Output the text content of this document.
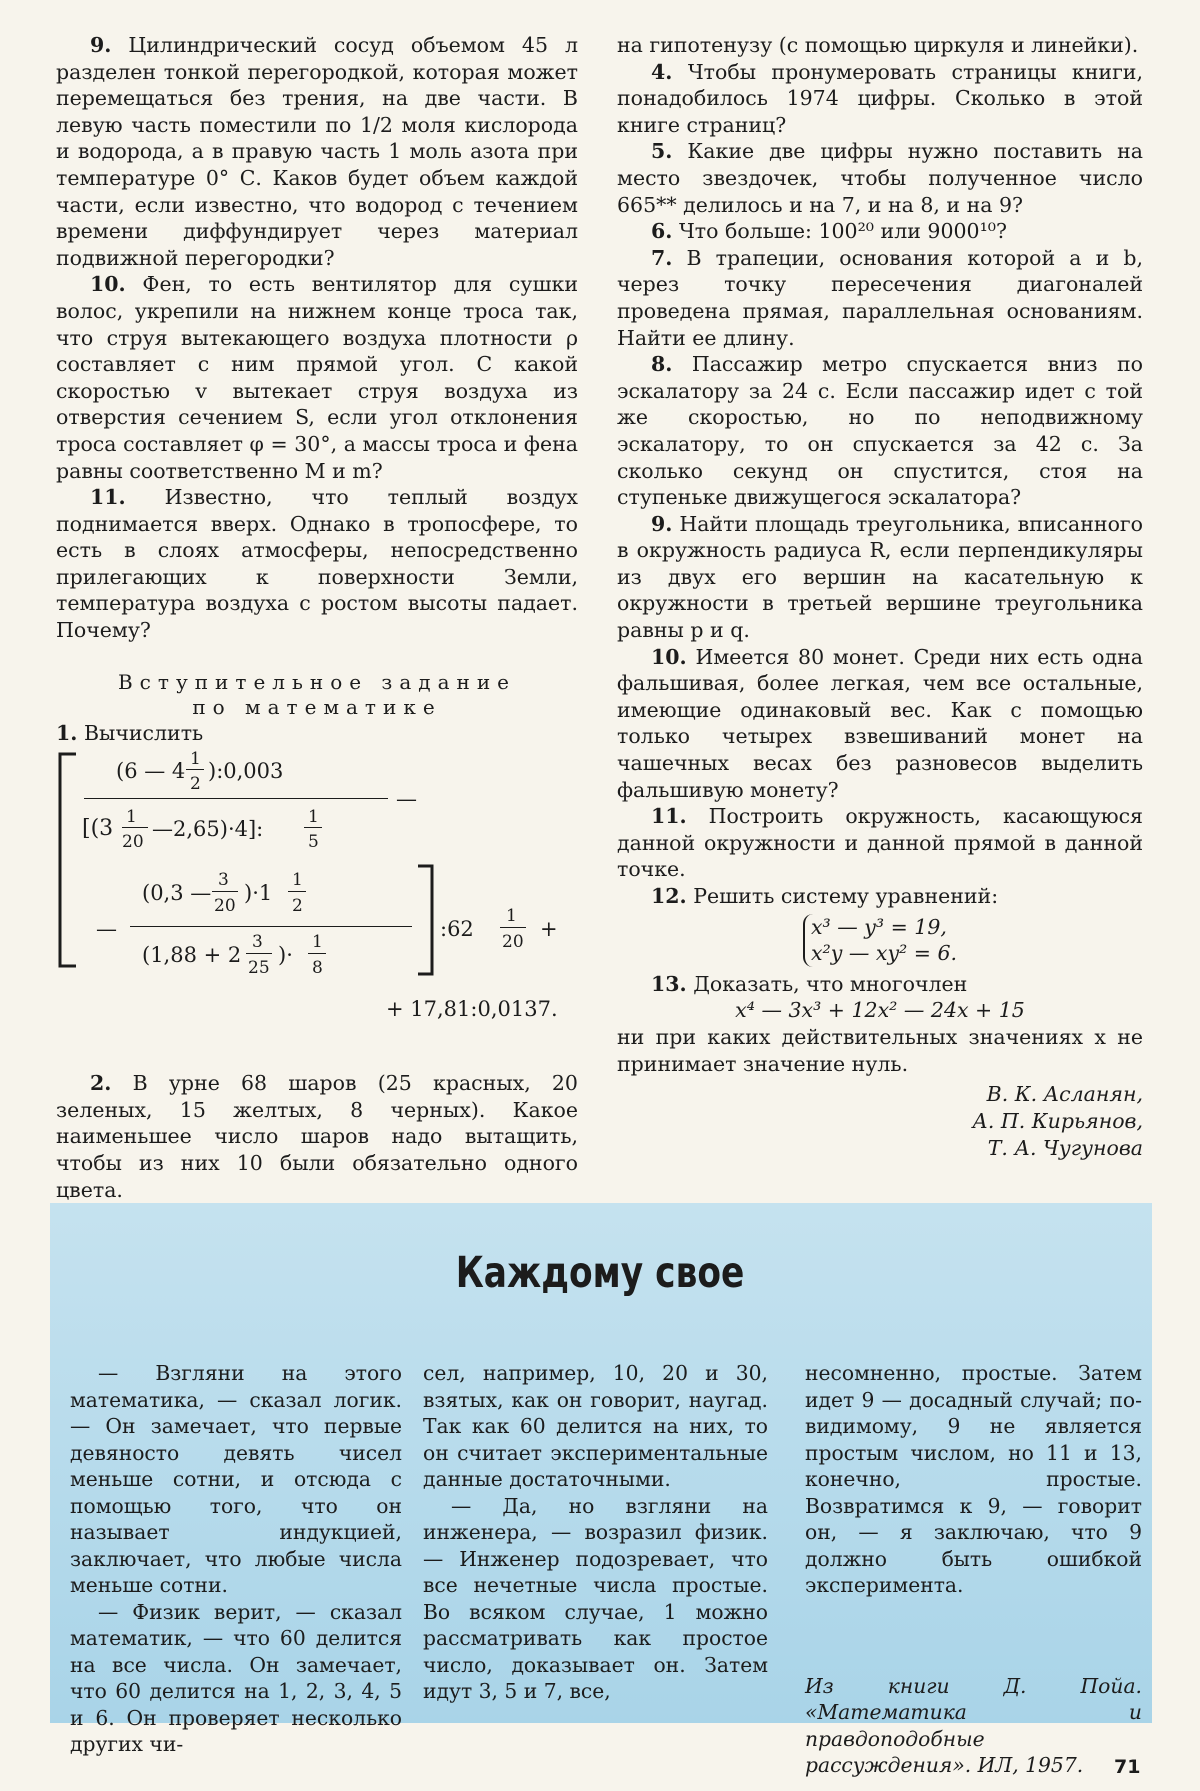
9. Цилиндрический сосуд объемом 45 л разделен тонкой перегородкой, которая может перемещаться без трения, на две части. В левую часть поместили по 1/2 моля кислорода и водорода, а в правую часть 1 моль азота при температуре 0° С. Каков будет объем каждой части, если известно, что водород с течением времени диффундирует через материал подвижной перегородки?

10. Фен, то есть вентилятор для сушки волос, укрепили на нижнем конце троса так, что струя вытекающего воздуха плотности ρ составляет с ним прямой угол. С какой скоростью v вытекает струя воздуха из отверстия сечением S, если угол отклонения троса составляет φ = 30°, а массы троса и фена равны соответственно M и m?

11. Известно, что теплый воздух поднимается вверх. Однако в тропосфере, то есть в слоях атмосферы, непосредственно прилегающих к поверхности Земли, температура воздуха с ростом высоты падает. Почему?

Вступительное задание
по математике

1. Вычислить

(6 — 4 1
2
):0,003
—
[(3 1
20
—2,65)·4]:	1
5
—
(0,3 —
3
20
)·1
1
2
(1,88 + 2
3
25
)·
1
8
:62
1
20
+
+ 17,81:0,0137.

2. В урне 68 шаров (25 красных, 20 зеленых, 15 желтых, 8 черных). Какое наименьшее число шаров надо вытащить, чтобы из них 10 были обязательно одного цвета.

на гипотенузу (с помощью циркуля и линейки).

4. Чтобы пронумеровать страницы книги, понадобилось 1974 цифры. Сколько в этой книге страниц?

5. Какие две цифры нужно поставить на место звездочек, чтобы полученное число 665** делилось и на 7, и на 8, и на 9?

6. Что больше: 100²⁰ или 9000¹⁰?

7. В трапеции, основания которой a и b, через точку пересечения диагоналей проведена прямая, параллельная основаниям. Найти ее длину.

8. Пассажир метро спускается вниз по эскалатору за 24 с. Если пассажир идет с той же скоростью, но по неподвижному эскалатору, то он спускается за 42 с. За сколько секунд он спустится, стоя на ступеньке движущегося эскалатора?

9. Найти площадь треугольника, вписанного в окружность радиуса R, если перпендикуляры из двух его вершин на касательную к окружности в третьей вершине треугольника равны p и q.

10. Имеется 80 монет. Среди них есть одна фальшивая, более легкая, чем все остальные, имеющие одинаковый вес. Как с помощью только четырех взвешиваний монет на чашечных весах без разновесов выделить фальшивую монету?

11. Построить окружность, касающуюся данной окружности и данной прямой в данной точке.

12. Решить систему уравнений:

x³ — y³ = 19,
x²y — xy² = 6.

13. Доказать, что многочлен

x⁴ — 3x³ + 12x² — 24x + 15

ни при каких действительных значениях x не принимает значение нуль.

В. К. Асланян,
А. П. Кирьянов,
Т. А. Чугунова
Каждому свое

— Взгляни на этого математика, — сказал логик. — Он замечает, что первые девяносто девять чисел меньше сотни, и отсюда с помощью того, что он называет индукцией, заключает, что любые числа меньше сотни.

— Физик верит, — сказал математик, — что 60 делится на все числа. Он замечает, что 60 делится на 1, 2, 3, 4, 5 и 6. Он проверяет несколько других чи-

сел, например, 10, 20 и 30, взятых, как он говорит, наугад. Так как 60 делится на них, то он считает экспериментальные данные достаточными.

— Да, но взгляни на инженера, — возразил физик. — Инженер подозревает, что все нечетные числа простые. Во всяком случае, 1 можно рассматривать как простое число, доказывает он. Затем идут 3, 5 и 7, все,

несомненно, простые. Затем идет 9 — досадный случай; по-видимому, 9 не является простым числом, но 11 и 13, конечно, простые. Возвратимся к 9, — говорит он, — я заключаю, что 9 должно быть ошибкой эксперимента.

Из книги Д. Пойа. «Математика и правдоподобные рассуждения». ИЛ, 1957.	71
